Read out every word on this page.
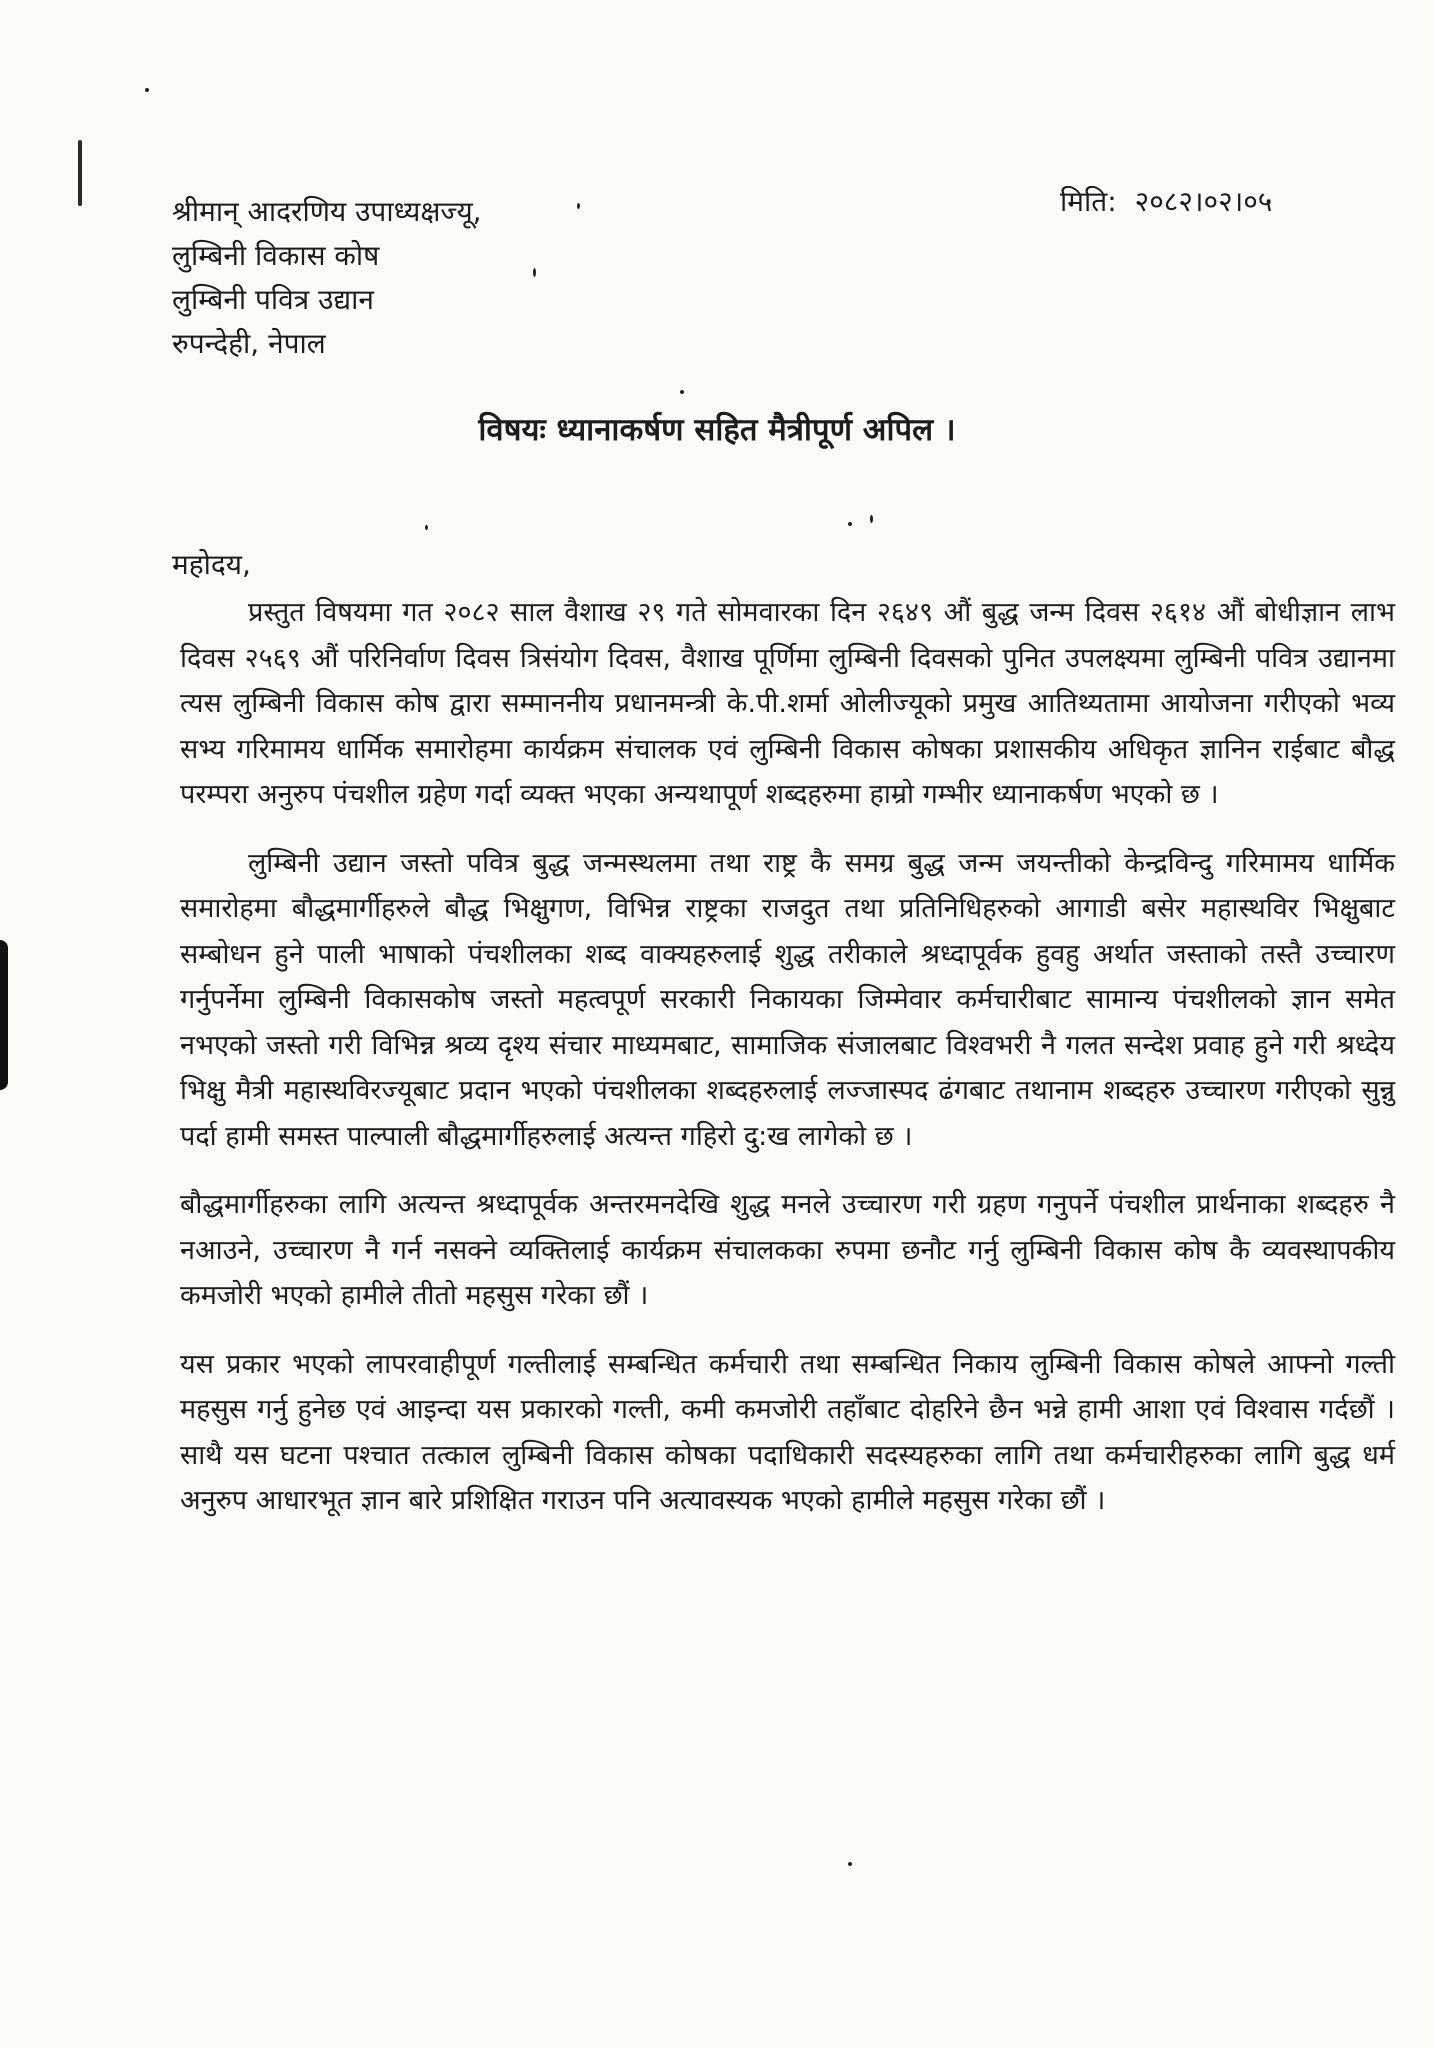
मिति: २०८२।०२।०५
श्रीमान् आदरणिय उपाध्यक्षज्यू,
लुम्बिनी विकास कोष
लुम्बिनी पवित्र उद्यान
रुपन्देही, नेपाल
विषयः ध्यानाकर्षण सहित मैत्रीपूर्ण अपिल ।
महोदय,

प्रस्तुत विषयमा गत २०८२ साल वैशाख २९ गते सोमवारका दिन २६४९ औं बुद्ध जन्म दिवस २६१४ औं बोधीज्ञान लाभ दिवस २५६९ औं परिनिर्वाण दिवस त्रिसंयोग दिवस, वैशाख पूर्णिमा लुम्बिनी दिवसको पुनित उपलक्ष्यमा लुम्बिनी पवित्र उद्यानमा त्यस लुम्बिनी विकास कोष द्वारा सम्माननीय प्रधानमन्त्री के.पी.शर्मा ओलीज्यूको प्रमुख आतिथ्यतामा आयोजना गरीएको भव्य सभ्य गरिमामय धार्मिक समारोहमा कार्यक्रम संचालक एवं लुम्बिनी विकास कोषका प्रशासकीय अधिकृत ज्ञानिन राईबाट बौद्ध परम्परा अनुरुप पंचशील ग्रहेण गर्दा व्यक्त भएका अन्यथापूर्ण शब्दहरुमा हाम्रो गम्भीर ध्यानाकर्षण भएको छ ।

लुम्बिनी उद्यान जस्तो पवित्र बुद्ध जन्मस्थलमा तथा राष्ट्र कै समग्र बुद्ध जन्म जयन्तीको केन्द्रविन्दु गरिमामय धार्मिक समारोहमा बौद्धमार्गीहरुले बौद्ध भिक्षुगण, विभिन्न राष्ट्रका राजदुत तथा प्रतिनिधिहरुको आगाडी बसेर महास्थविर भिक्षुबाट सम्बोधन हुने पाली भाषाको पंचशीलका शब्द वाक्यहरुलाई शुद्ध तरीकाले श्रध्दापूर्वक हुवहु अर्थात जस्ताको तस्तै उच्चारण गर्नुपर्नेमा लुम्बिनी विकासकोष जस्तो महत्वपूर्ण सरकारी निकायका जिम्मेवार कर्मचारीबाट सामान्य पंचशीलको ज्ञान समेत नभएको जस्तो गरी विभिन्न श्रव्य दृश्य संचार माध्यमबाट, सामाजिक संजालबाट विश्वभरी नै गलत सन्देश प्रवाह हुने गरी श्रध्देय भिक्षु मैत्री महास्थविरज्यूबाट प्रदान भएको पंचशीलका शब्दहरुलाई लज्जास्पद ढंगबाट तथानाम शब्दहरु उच्चारण गरीएको सुन्नु पर्दा हामी समस्त पाल्पाली बौद्धमार्गीहरुलाई अत्यन्त गहिरो दु:ख लागेको छ ।

बौद्धमार्गीहरुका लागि अत्यन्त श्रध्दापूर्वक अन्तरमनदेखि शुद्ध मनले उच्चारण गरी ग्रहण गनुपर्ने पंचशील प्रार्थनाका शब्दहरु नै नआउने, उच्चारण नै गर्न नसक्ने व्यक्तिलाई कार्यक्रम संचालकका रुपमा छनौट गर्नु लुम्बिनी विकास कोष कै व्यवस्थापकीय कमजोरी भएको हामीले तीतो महसुस गरेका छौं ।

यस प्रकार भएको लापरवाहीपूर्ण गल्तीलाई सम्बन्धित कर्मचारी तथा सम्बन्धित निकाय लुम्बिनी विकास कोषले आफ्नो गल्ती महसुस गर्नु हुनेछ एवं आइन्दा यस प्रकारको गल्ती, कमी कमजोरी तहाँबाट दोहरिने छैन भन्ने हामी आशा एवं विश्वास गर्दछौं । साथै यस घटना पश्चात तत्काल लुम्बिनी विकास कोषका पदाधिकारी सदस्यहरुका लागि तथा कर्मचारीहरुका लागि बुद्ध धर्म अनुरुप आधारभूत ज्ञान बारे प्रशिक्षित गराउन पनि अत्यावस्यक भएको हामीले महसुस गरेका छौं ।
